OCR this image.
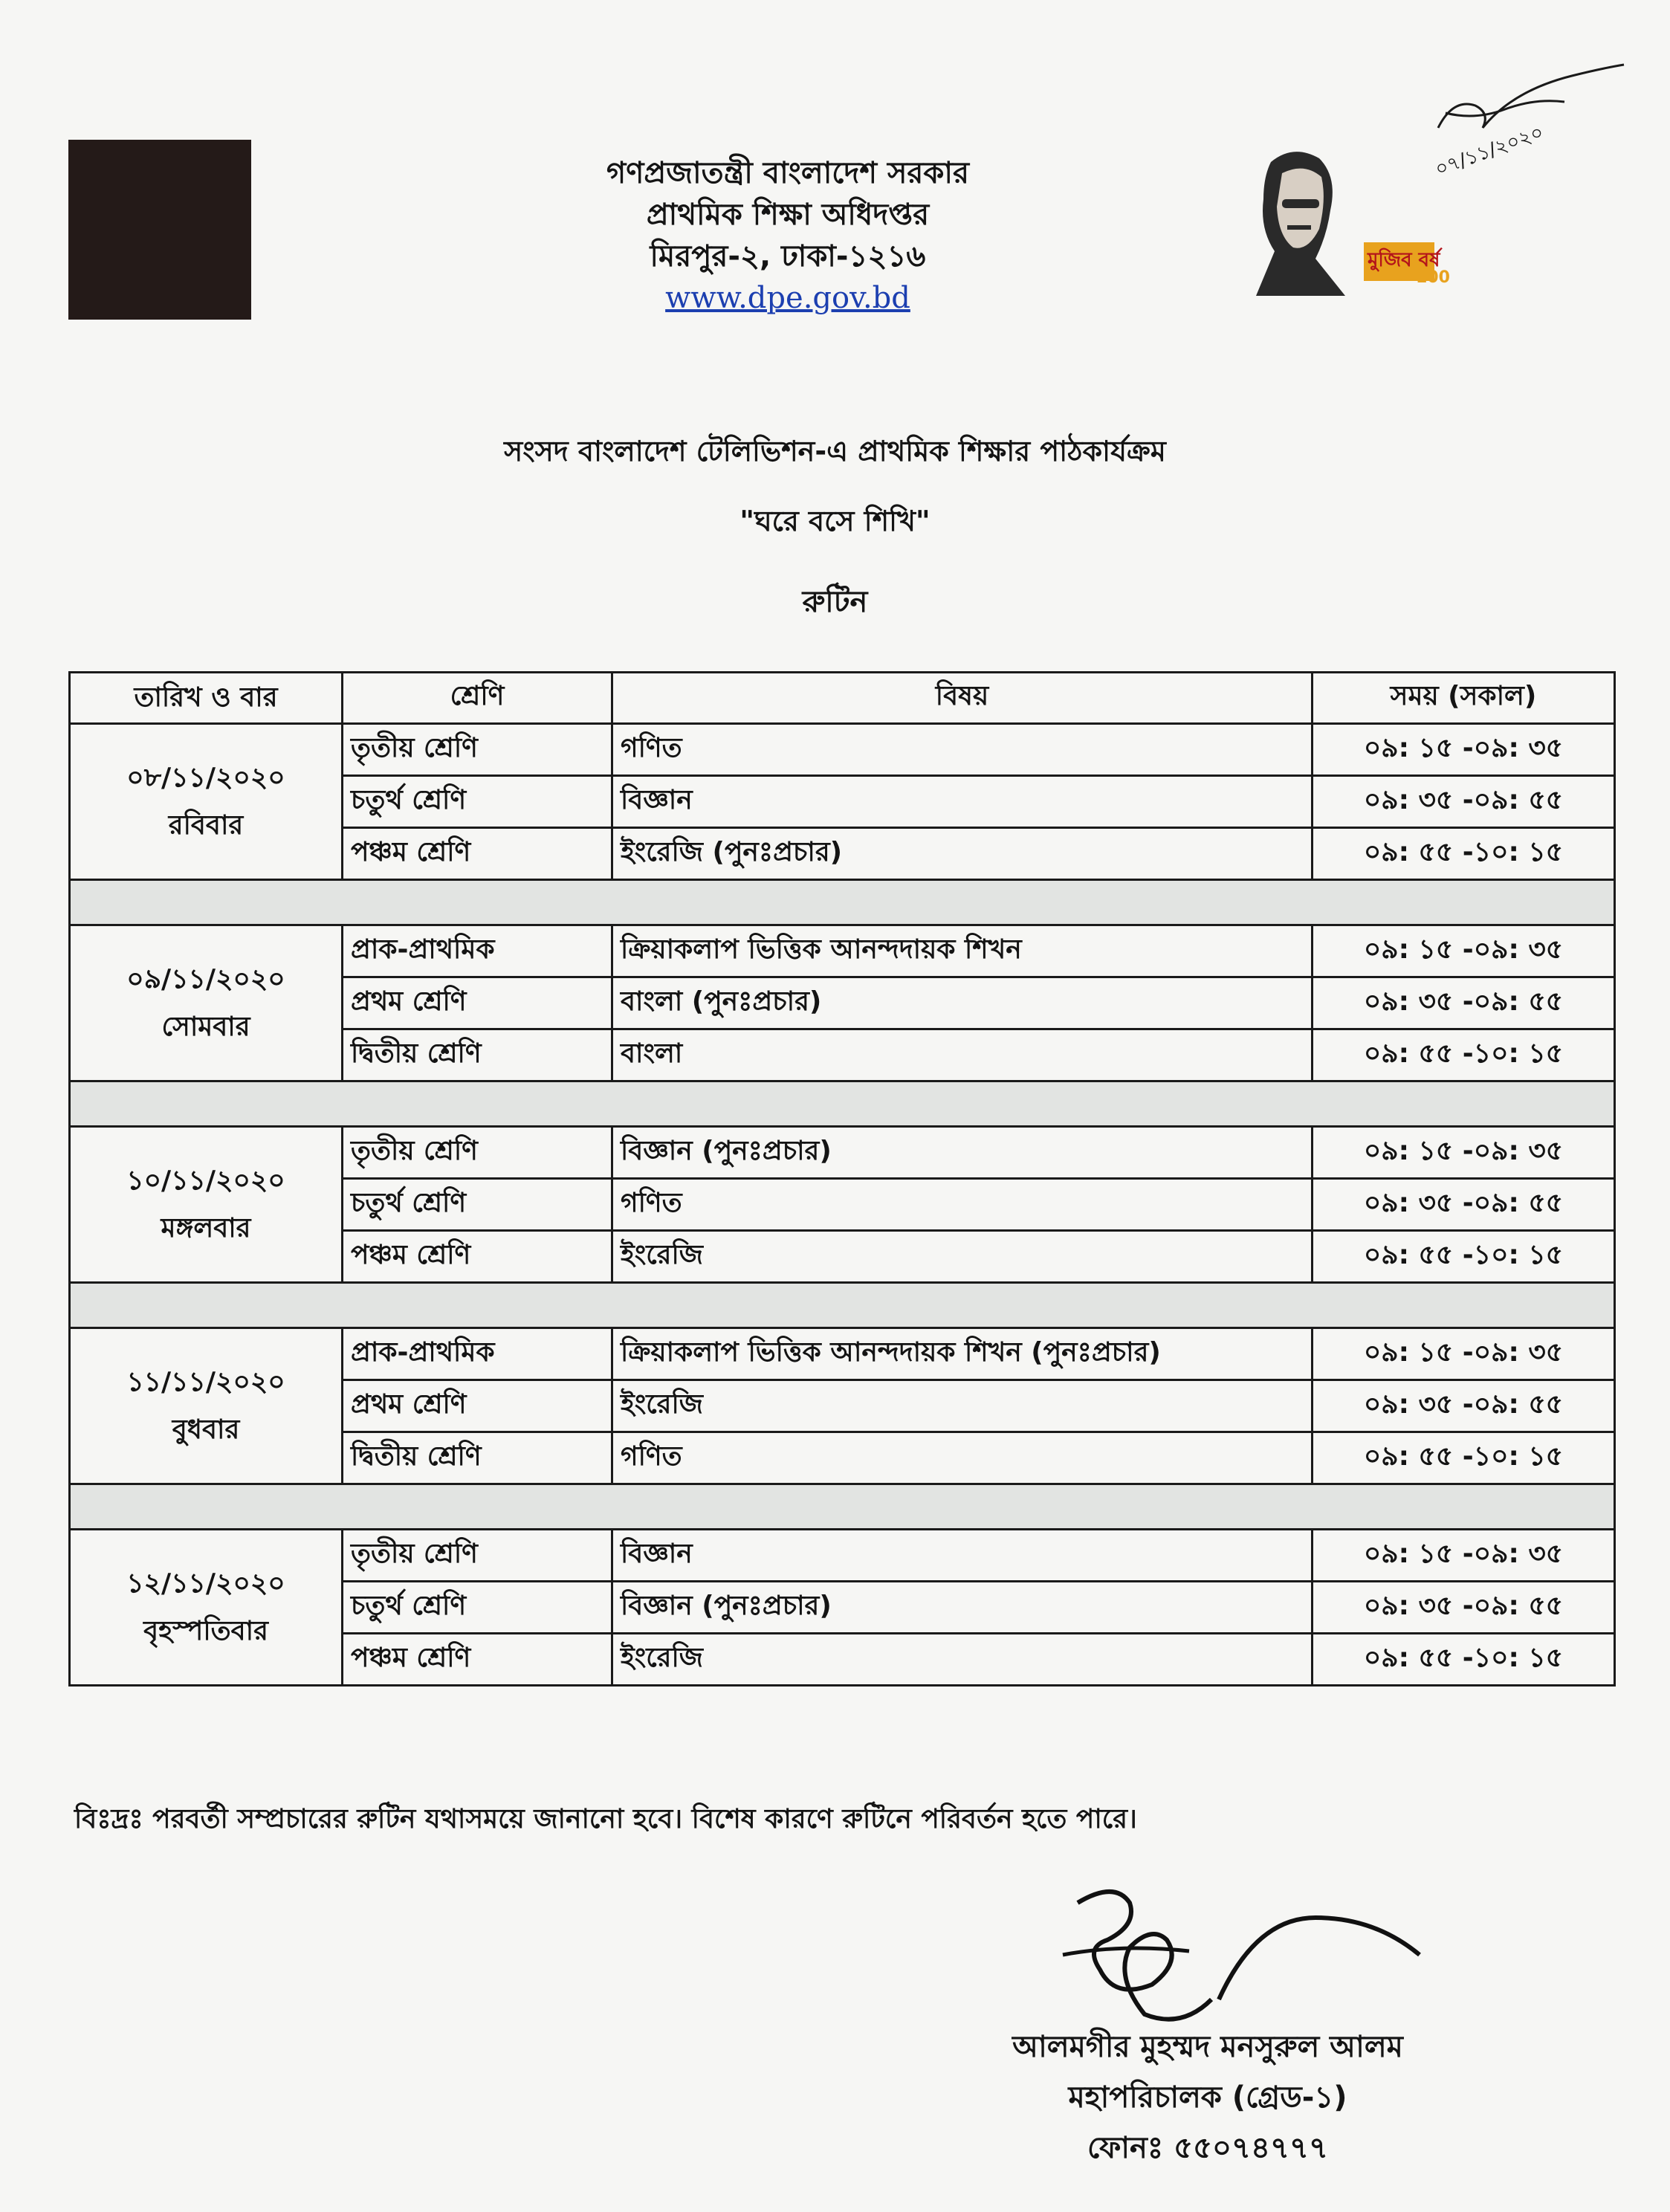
গণপ্রজাতন্ত্রী বাংলাদেশ সরকার
প্রাথমিক শিক্ষা অধিদপ্তর
মিরপুর-২, ঢাকা-১২১৬
www.dpe.gov.bd
মুজিব বর্ষ
100
০৭/১১/২০২০
সংসদ বাংলাদেশ টেলিভিশন-এ প্রাথমিক শিক্ষার পাঠকার্যক্রম
"ঘরে বসে শিখি"
রুটিন
তারিখ ও বার	শ্রেণি	বিষয়	সময় (সকাল)

০৮/১১/২০২০
রবিবার	তৃতীয় শ্রেণি	গণিত	০৯: ১৫ -০৯: ৩৫
	চতুর্থ শ্রেণি	বিজ্ঞান	০৯: ৩৫ -০৯: ৫৫
	পঞ্চম শ্রেণি	ইংরেজি (পুনঃপ্রচার)	০৯: ৫৫ -১০: ১৫

০৯/১১/২০২০
সোমবার	প্রাক-প্রাথমিক	ক্রিয়াকলাপ ভিত্তিক আনন্দদায়ক শিখন	০৯: ১৫ -০৯: ৩৫
	প্রথম শ্রেণি	বাংলা (পুনঃপ্রচার)	০৯: ৩৫ -০৯: ৫৫
	দ্বিতীয় শ্রেণি	বাংলা	০৯: ৫৫ -১০: ১৫

১০/১১/২০২০
মঙ্গলবার	তৃতীয় শ্রেণি	বিজ্ঞান (পুনঃপ্রচার)	০৯: ১৫ -০৯: ৩৫
	চতুর্থ শ্রেণি	গণিত	০৯: ৩৫ -০৯: ৫৫
	পঞ্চম শ্রেণি	ইংরেজি	০৯: ৫৫ -১০: ১৫

১১/১১/২০২০
বুধবার	প্রাক-প্রাথমিক	ক্রিয়াকলাপ ভিত্তিক আনন্দদায়ক শিখন (পুনঃপ্রচার)	০৯: ১৫ -০৯: ৩৫
	প্রথম শ্রেণি	ইংরেজি	০৯: ৩৫ -০৯: ৫৫
	দ্বিতীয় শ্রেণি	গণিত	০৯: ৫৫ -১০: ১৫

১২/১১/২০২০
বৃহস্পতিবার	তৃতীয় শ্রেণি	বিজ্ঞান	০৯: ১৫ -০৯: ৩৫
	চতুর্থ শ্রেণি	বিজ্ঞান (পুনঃপ্রচার)	০৯: ৩৫ -০৯: ৫৫
	পঞ্চম শ্রেণি	ইংরেজি	০৯: ৫৫ -১০: ১৫
বিঃদ্রঃ পরবর্তী সম্প্রচারের রুটিন যথাসময়ে জানানো হবে। বিশেষ কারণে রুটিনে পরিবর্তন হতে পারে।
আলমগীর মুহম্মদ মনসুরুল আলম
মহাপরিচালক (গ্রেড-১)
ফোনঃ ৫৫০৭৪৭৭৭
